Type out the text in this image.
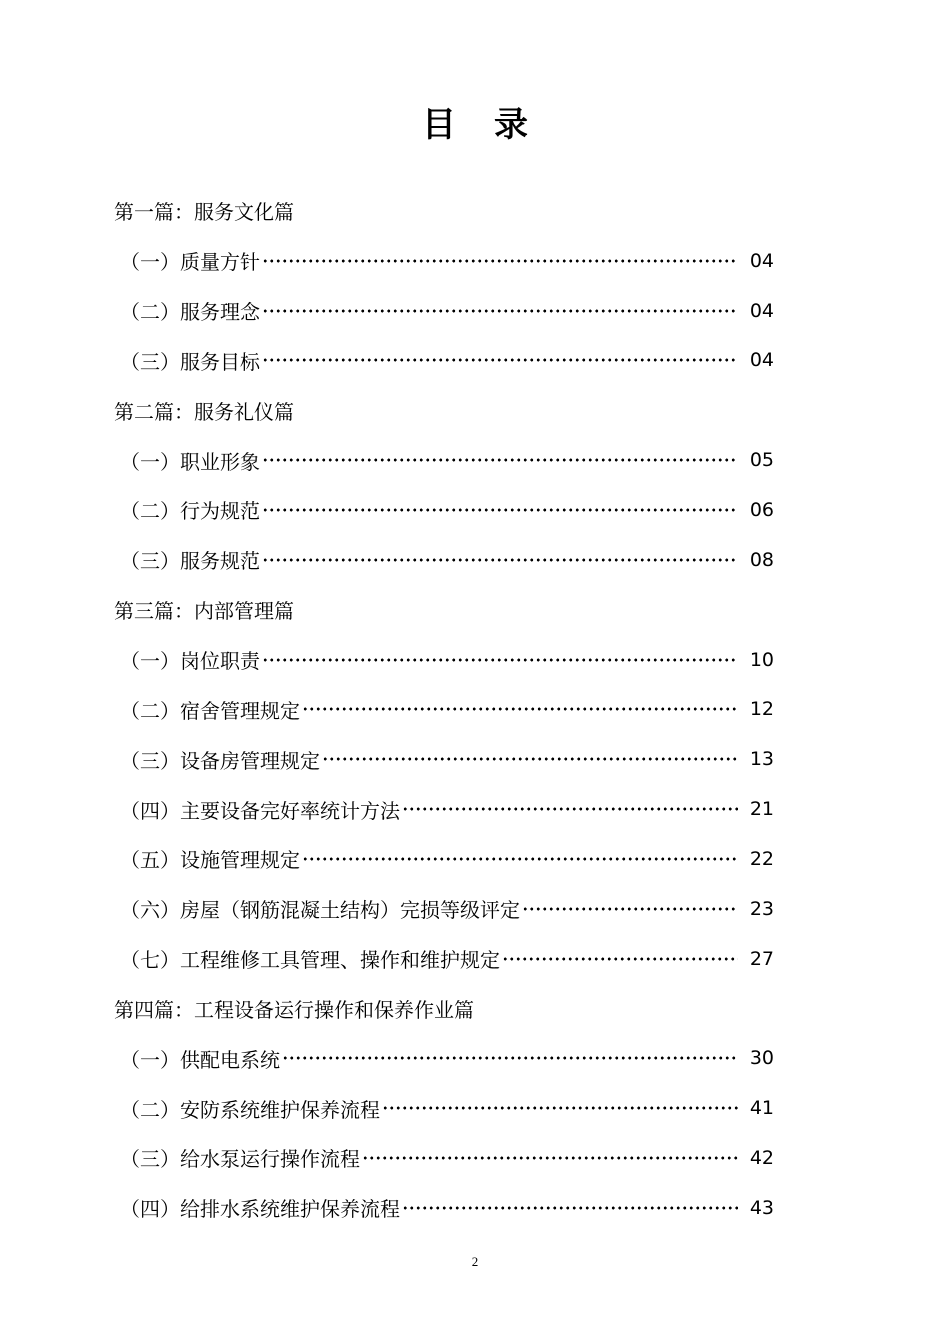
目录
第一篇：服务文化篇
（一） 质量方针	04
（二） 服务理念	04
（三） 服务目标	04
第二篇：服务礼仪篇
（一） 职业形象	05
（二） 行为规范	06
（三） 服务规范	08
第三篇：内部管理篇
（一） 岗位职责	10
（二） 宿舍管理规定	12
（三） 设备房管理规定	13
（四） 主要设备完好率统计方法	21
（五） 设施管理规定	22
（六） 房屋（钢筋混凝土结构）完损等级评定	23
（七） 工程维修工具管理、操作和维护规定	27
第四篇：工程设备运行操作和保养作业篇
（一） 供配电系统	30
（二） 安防系统维护保养流程	41
（三） 给水泵运行操作流程	42
（四） 给排水系统维护保养流程	43
2
